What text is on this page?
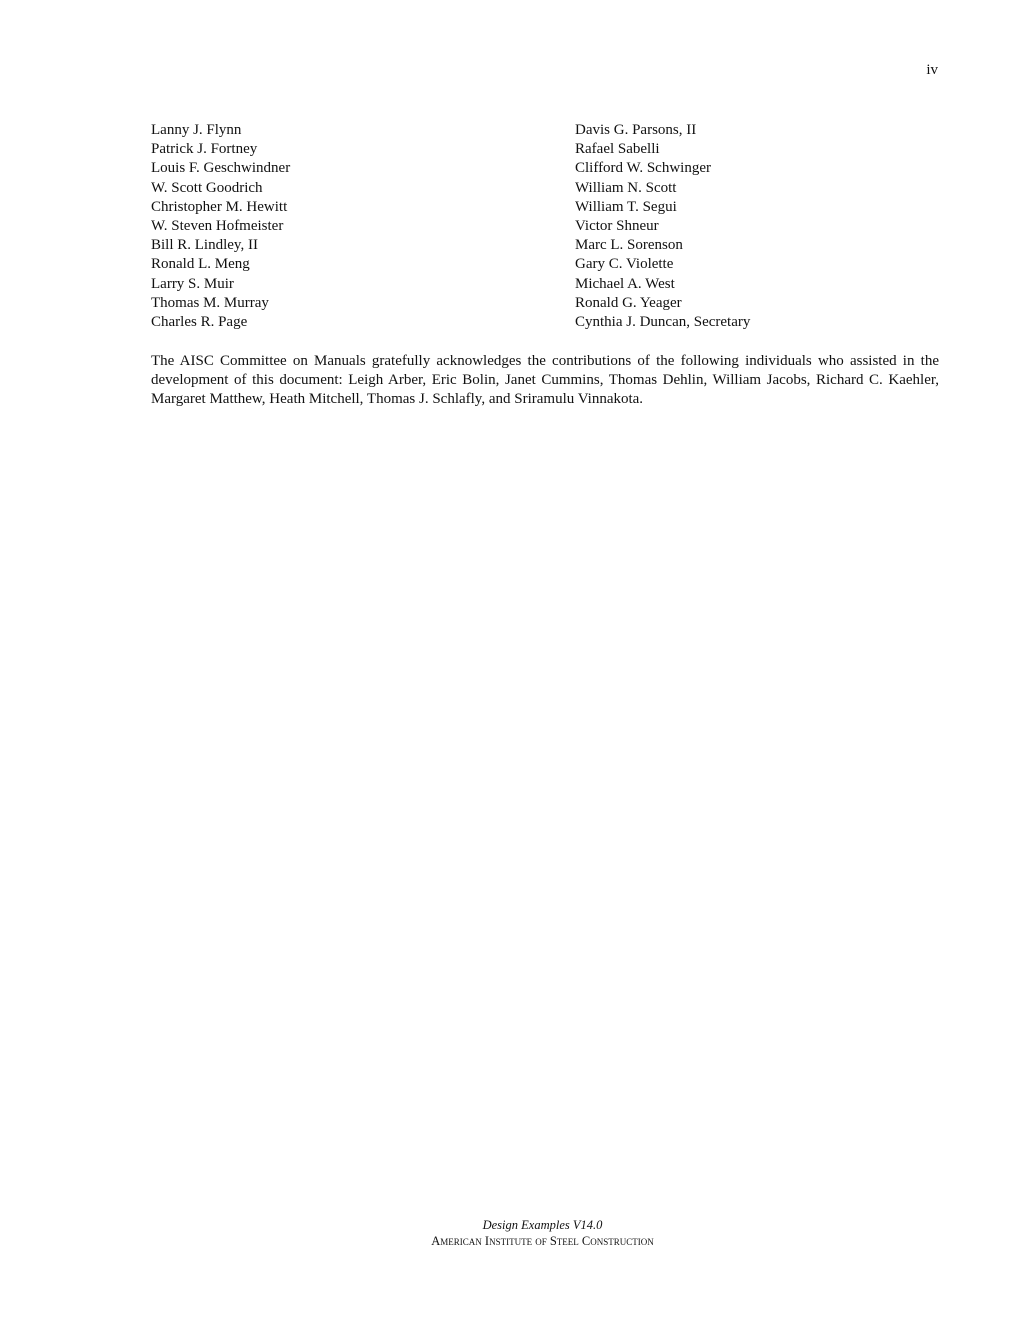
iv
Lanny J. Flynn
Patrick J. Fortney
Louis F. Geschwindner
W. Scott Goodrich
Christopher M. Hewitt
W. Steven Hofmeister
Bill R. Lindley, II
Ronald L. Meng
Larry S. Muir
Thomas M. Murray
Charles R. Page
Davis G. Parsons, II
Rafael Sabelli
Clifford W. Schwinger
William N. Scott
William T. Segui
Victor Shneur
Marc L. Sorenson
Gary C. Violette
Michael A. West
Ronald G. Yeager
Cynthia J. Duncan, Secretary

The AISC Committee on Manuals gratefully acknowledges the contributions of the following individuals who assisted in the development of this document: Leigh Arber, Eric Bolin, Janet Cummins, Thomas Dehlin, William Jacobs, Richard C. Kaehler, Margaret Matthew, Heath Mitchell, Thomas J. Schlafly, and Sriramulu Vinnakota.

Design Examples V14.0
American Institute of Steel Construction
